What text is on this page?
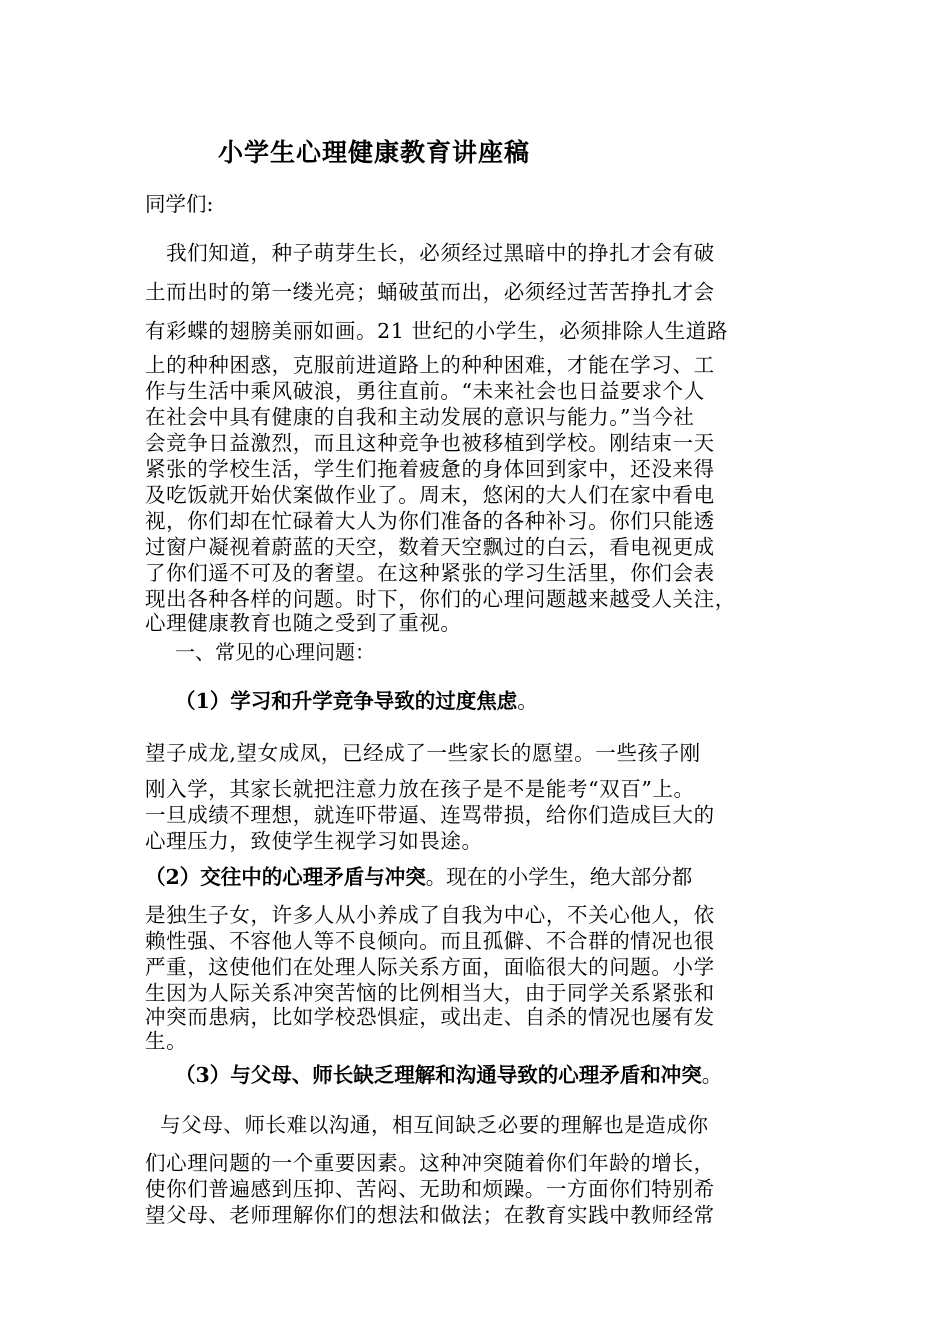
小学生心理健康教育讲座稿
同学们:
　我们知道，种子萌芽生长，必须经过黑暗中的挣扎才会有破
土而出时的第一缕光亮；蛹破茧而出，必须经过苦苦挣扎才会
有彩蝶的翅膀美丽如画。21 世纪的小学生，必须排除人生道路
上的种种困惑，克服前进道路上的种种困难，才能在学习、工
作与生活中乘风破浪，勇往直前。“未来社会也日益要求个人
在社会中具有健康的自我和主动发展的意识与能力。”当今社
会竞争日益激烈，而且这种竞争也被移植到学校。刚结束一天
紧张的学校生活，学生们拖着疲惫的身体回到家中，还没来得
及吃饭就开始伏案做作业了。周末，悠闲的大人们在家中看电
视，你们却在忙碌着大人为你们准备的各种补习。你们只能透
过窗户凝视着蔚蓝的天空，数着天空飘过的白云，看电视更成
了你们遥不可及的奢望。在这种紧张的学习生活里，你们会表
现出各种各样的问题。时下，你们的心理问题越来越受人关注，
心理健康教育也随之受到了重视。
一、常见的心理问题：
（1）学习和升学竞争导致的过度焦虑。
望子成龙,望女成凤，已经成了一些家长的愿望。一些孩子刚
刚入学，其家长就把注意力放在孩子是不是能考“双百”上。
一旦成绩不理想，就连吓带逼、连骂带损，给你们造成巨大的
心理压力，致使学生视学习如畏途。
（2）交往中的心理矛盾与冲突。现在的小学生，绝大部分都
是独生子女，许多人从小养成了自我为中心，不关心他人，依
赖性强、不容他人等不良倾向。而且孤僻、不合群的情况也很
严重，这使他们在处理人际关系方面，面临很大的问题。小学
生因为人际关系冲突苦恼的比例相当大，由于同学关系紧张和
冲突而患病，比如学校恐惧症，或出走、自杀的情况也屡有发
生。
（3）与父母、师长缺乏理解和沟通导致的心理矛盾和冲突。
与父母、师长难以沟通，相互间缺乏必要的理解也是造成你
们心理问题的一个重要因素。这种冲突随着你们年龄的增长，
使你们普遍感到压抑、苦闷、无助和烦躁。一方面你们特别希
望父母、老师理解你们的想法和做法；在教育实践中教师经常
